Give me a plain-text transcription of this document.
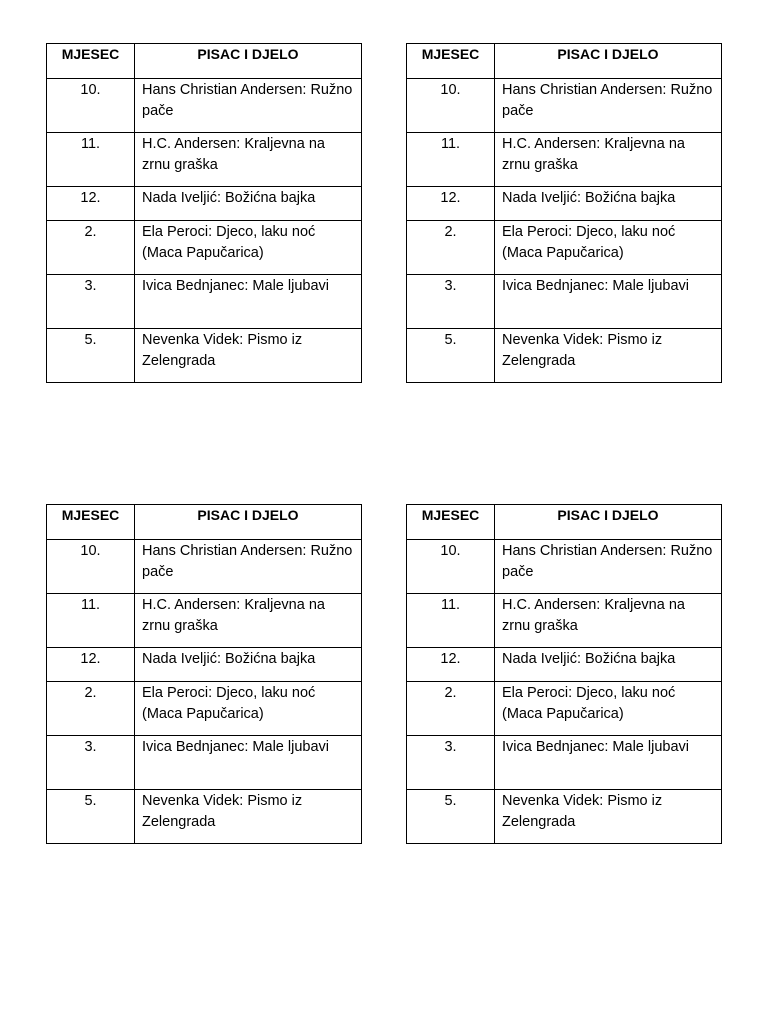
MJESEC	PISAC I DJELO
10.	Hans Christian Andersen: Ružno pače
11.	H.C. Andersen: Kraljevna na zrnu graška
12.	Nada Iveljić: Božićna bajka
2.	Ela Peroci: Djeco, laku noć (Maca Papučarica)
3.	Ivica Bednjanec: Male ljubavi
5.	Nevenka Videk: Pismo iz Zelengrada
MJESEC	PISAC I DJELO
10.	Hans Christian Andersen: Ružno pače
11.	H.C. Andersen: Kraljevna na zrnu graška
12.	Nada Iveljić: Božićna bajka
2.	Ela Peroci: Djeco, laku noć (Maca Papučarica)
3.	Ivica Bednjanec: Male ljubavi
5.	Nevenka Videk: Pismo iz Zelengrada
MJESEC	PISAC I DJELO
10.	Hans Christian Andersen: Ružno pače
11.	H.C. Andersen: Kraljevna na zrnu graška
12.	Nada Iveljić: Božićna bajka
2.	Ela Peroci: Djeco, laku noć (Maca Papučarica)
3.	Ivica Bednjanec: Male ljubavi
5.	Nevenka Videk: Pismo iz Zelengrada
MJESEC	PISAC I DJELO
10.	Hans Christian Andersen: Ružno pače
11.	H.C. Andersen: Kraljevna na zrnu graška
12.	Nada Iveljić: Božićna bajka
2.	Ela Peroci: Djeco, laku noć (Maca Papučarica)
3.	Ivica Bednjanec: Male ljubavi
5.	Nevenka Videk: Pismo iz Zelengrada
